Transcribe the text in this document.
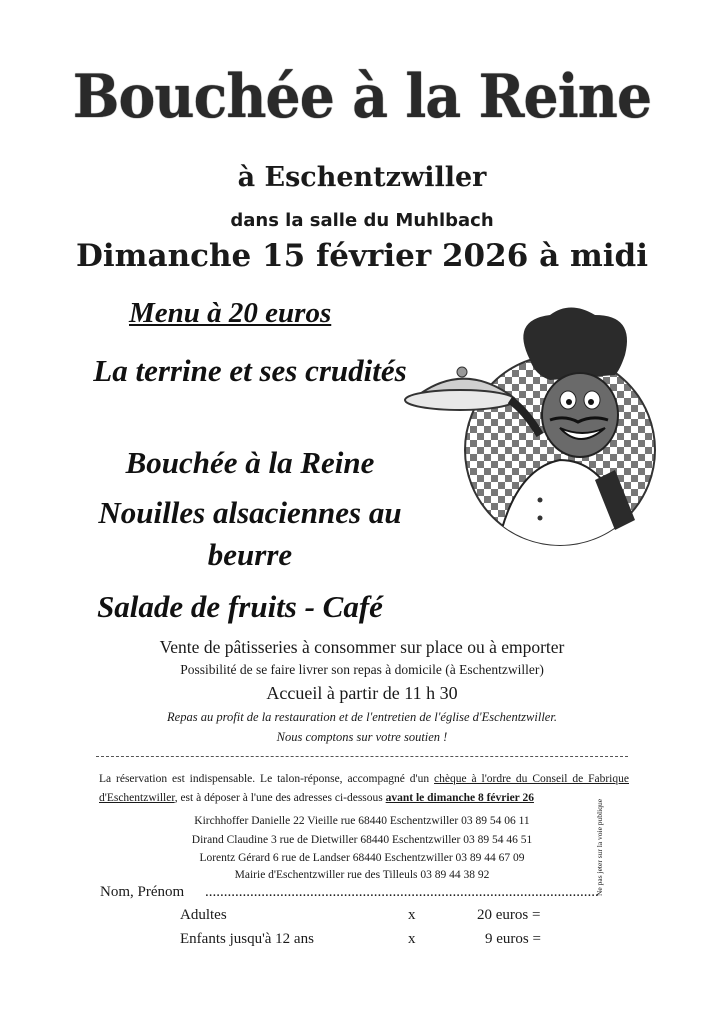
Bouchée à la Reine
à Eschentzwiller
dans la salle du Muhlbach
Dimanche 15 février 2026 à midi
Menu à 20 euros
La terrine et ses crudités
Bouchée à la Reine
Nouilles alsaciennes au beurre
Salade de fruits - Café
Vente de pâtisseries à consommer sur place ou à emporter
Possibilité de se faire livrer son repas à domicile (à Eschentzwiller)
Accueil à partir de 11 h 30
Repas au profit de la restauration et de l'entretien de l'église d'Eschentzwiller.
Nous comptons sur votre soutien !
La réservation est indispensable. Le talon-réponse, accompagné d'un chèque à l'ordre du Conseil de Fabrique d'Eschentzwiller, est à déposer à l'une des adresses ci-dessous avant le dimanche 8 février 26
Kirchhoffer Danielle 22 Vieille rue 68440 Eschentzwiller 03 89 54 06 11
Dirand Claudine 3 rue de Dietwiller 68440 Eschentzwiller 03 89 54 46 51
Lorentz Gérard 6 rue de Landser 68440 Eschentzwiller 03 89 44 67 09
Mairie d'Eschentzwiller rue des Tilleuls 03 89 44 38 92
Nom, Prénom .........................................................................................................
Adultes	x	20 euros =
Enfants jusqu'à 12 ans	x	9 euros =
Ne pas jeter sur la voie publique
